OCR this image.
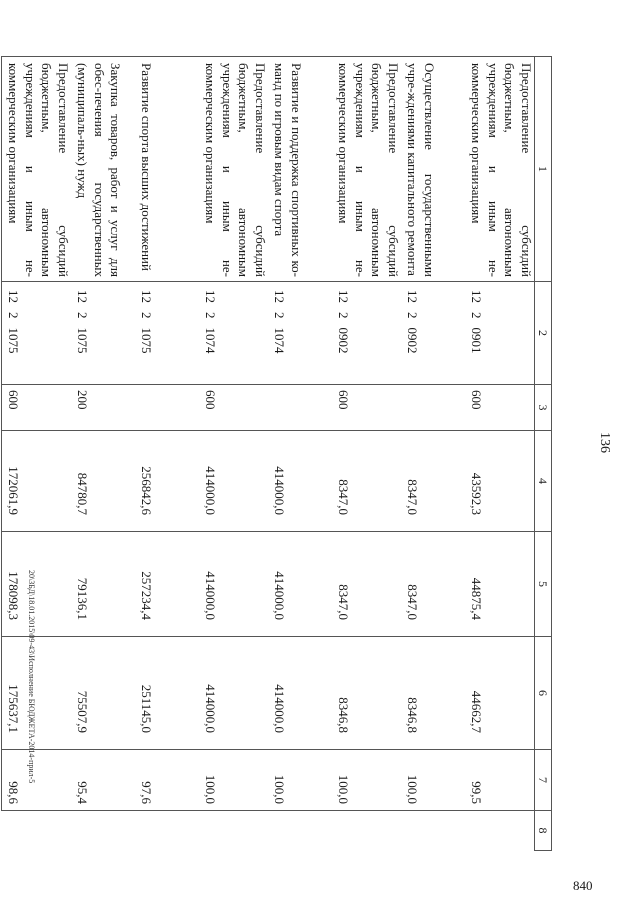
136
1	2	3	4	5	6	7	8
Предоставление субсидий бюджетным, автономным учреждениям и иным не-коммерческим организациям	1220901	600	43592,3	44875,4	44662,7	99,5	
Осуществление государственными учре-ждениями капитального ремонта	1220902		8347,0	8347,0	8346,8	100,0	
Предоставление субсидий бюджетным, автономным учреждениям и иным не-коммерческим организациям	1220902	600	8347,0	8347,0	8346,8	100,0	
Развитие и поддержка спортивных ко-манд по игровым видам спорта	1221074		414000,0	414000,0	414000,0	100,0	
Предоставление субсидий бюджетным, автономным учреждениям и иным не-коммерческим организациям	1221074	600	414000,0	414000,0	414000,0	100,0	
Развитие спорта высших достижений	1221075		256842,6	257234,4	251145,0	97,6	
Закупка товаров, работ и услуг для обес-печения государственных (муниципаль-ных) нужд	1221075	200	84780,7	79136,1	75507,9	95,4	
Предоставление субсидий бюджетным, автономным учреждениям и иным не-коммерческим организациям	1221075	600	172061,9	178098,3	175637,1	98,6	
20\ЗБД\18.01.2015\09-43\Исполнение БЮДЖЕТА-2014-прил-5
840
